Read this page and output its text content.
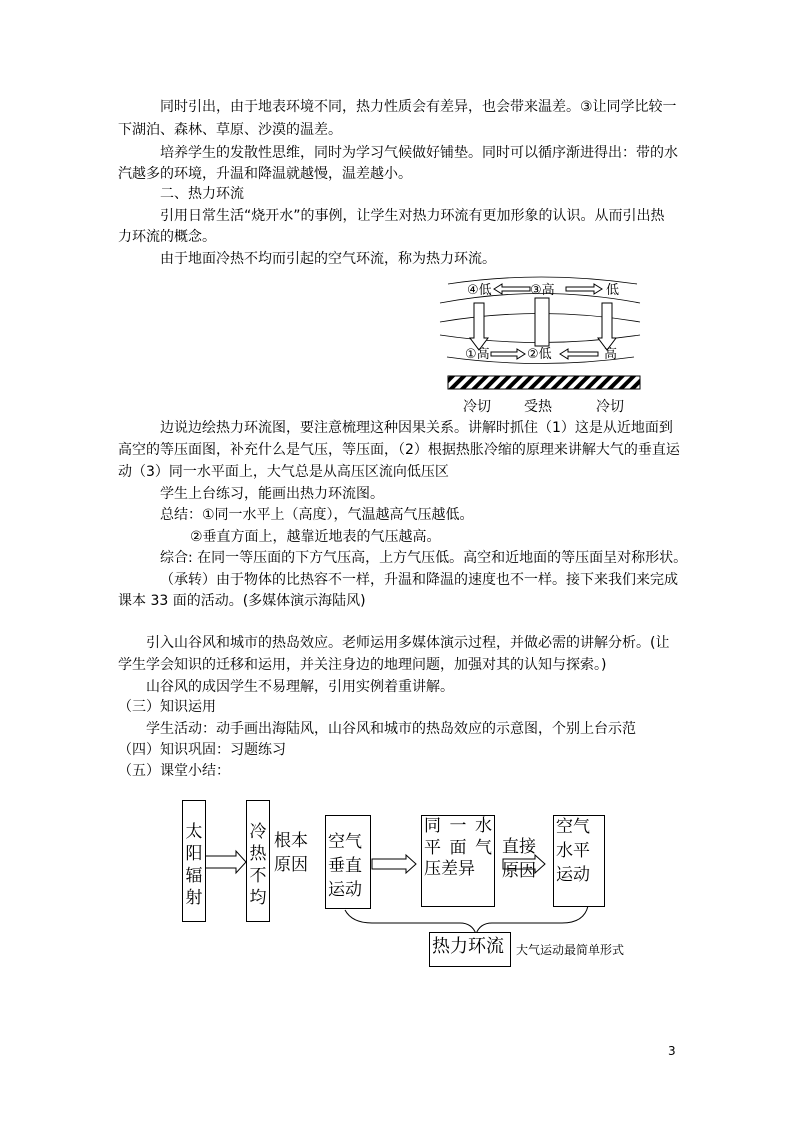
同时引出，由于地表环境不同，热力性质会有差异，也会带来温差。③让同学比较一
下湖泊、森林、草原、沙漠的温差。
培养学生的发散性思维，同时为学习气候做好铺垫。同时可以循序渐进得出：带的水
汽越多的环境，升温和降温就越慢，温差越小。
二、热力环流
引用日常生活“烧开水”的事例，让学生对热力环流有更加形象的认识。从而引出热
力环流的概念。
由于地面冷热不均而引起的空气环流，称为热力环流。
④低	③高	低
①高	②低	高
冷切 受热	冷切
边说边绘热力环流图，要注意梳理这种因果关系。讲解时抓住（1）这是从近地面到
高空的等压面图，补充什么是气压，等压面，（2）根据热胀冷缩的原理来讲解大气的垂直运
动（3）同一水平面上，大气总是从高压区流向低压区
学生上台练习，能画出热力环流图。
总结：①同一水平上（高度），气温越高气压越低。
②垂直方面上，越靠近地表的气压越高。
综合: 在同一等压面的下方气压高，上方气压低。高空和近地面的等压面呈对称形状。
（承转）由于物体的比热容不一样，升温和降温的速度也不一样。接下来我们来完成
课本 33 面的活动。(多媒体演示海陆风)
引入山谷风和城市的热岛效应。老师运用多媒体演示过程，并做必需的讲解分析。(让
学生学会知识的迁移和运用，并关注身边的地理问题，加强对其的认知与探索。)
山谷风的成因学生不易理解，引用实例着重讲解。
（三）知识运用
学生活动：动手画出海陆风，山谷风和城市的热岛效应的示意图，个别上台示范
（四）知识巩固：习题练习
（五）课堂小结：
太
阳
辐
射
冷
热
不
均
根本
原因
空气
垂直
运动
同 一 水
平 面 气
压差异
直接
原因
空气
水平
运动
热力环流 大气运动最简单形式
3
